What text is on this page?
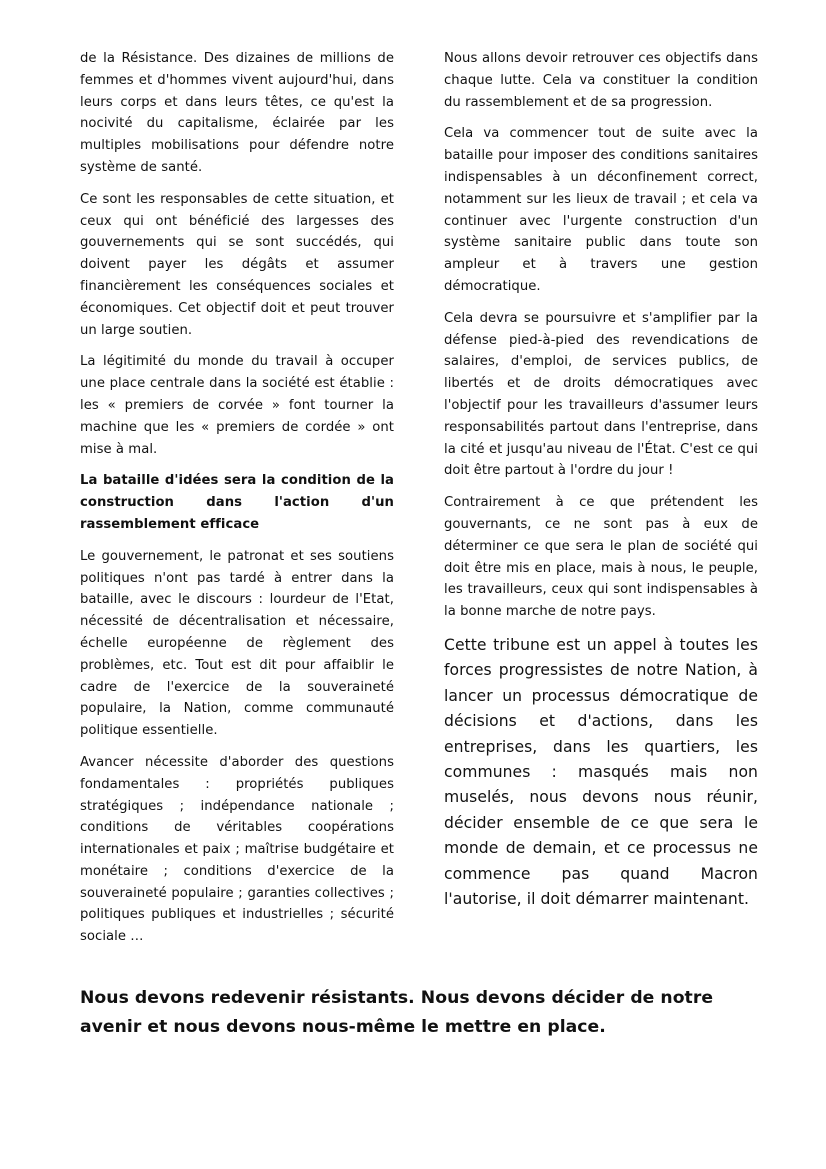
de la Résistance. Des dizaines de millions de femmes et d'hommes vivent aujourd'hui, dans leurs corps et dans leurs têtes, ce qu'est la nocivité du capitalisme, éclairée par les multiples mobilisations pour défendre notre système de santé.

Ce sont les responsables de cette situation, et ceux qui ont bénéficié des largesses des gouvernements qui se sont succédés, qui doivent payer les dégâts et assumer financièrement les conséquences sociales et économiques. Cet objectif doit et peut trouver un large soutien.

La légitimité du monde du travail à occuper une place centrale dans la société est établie : les « premiers de corvée » font tourner la machine que les « premiers de cordée » ont mise à mal.

La bataille d'idées sera la condition de la construction dans l'action d'un rassemblement efficace

Le gouvernement, le patronat et ses soutiens politiques n'ont pas tardé à entrer dans la bataille, avec le discours : lourdeur de l'Etat, nécessité de décentralisation et nécessaire, échelle européenne de règlement des problèmes, etc. Tout est dit pour affaiblir le cadre de l'exercice de la souveraineté populaire, la Nation, comme communauté politique essentielle.

Avancer nécessite d'aborder des questions fondamentales : propriétés publiques stratégiques ; indépendance nationale ; conditions de véritables coopérations internationales et paix ; maîtrise budgétaire et monétaire ; conditions d'exercice de la souveraineté populaire ; garanties collectives ; politiques publiques et industrielles ; sécurité sociale …

Nous allons devoir retrouver ces objectifs dans chaque lutte. Cela va constituer la condition du rassemblement et de sa progression.

Cela va commencer tout de suite avec la bataille pour imposer des conditions sanitaires indispensables à un déconfinement correct, notamment sur les lieux de travail ; et cela va continuer avec l'urgente construction d'un système sanitaire public dans toute son ampleur et à travers une gestion démocratique.

Cela devra se poursuivre et s'amplifier par la défense pied-à-pied des revendications de salaires, d'emploi, de services publics, de libertés et de droits démocratiques avec l'objectif pour les travailleurs d'assumer leurs responsabilités partout dans l'entreprise, dans la cité et jusqu'au niveau de l'État. C'est ce qui doit être partout à l'ordre du jour !

Contrairement à ce que prétendent les gouvernants, ce ne sont pas à eux de déterminer ce que sera le plan de société qui doit être mis en place, mais à nous, le peuple, les travailleurs, ceux qui sont indispensables à la bonne marche de notre pays.

Cette tribune est un appel à toutes les forces progressistes de notre Nation, à lancer un processus démocratique de décisions et d'actions, dans les entreprises, dans les quartiers, les communes : masqués mais non muselés, nous devons nous réunir, décider ensemble de ce que sera le monde de demain, et ce processus ne commence pas quand Macron l'autorise, il doit démarrer maintenant.

Nous devons redevenir résistants. Nous devons décider de notre avenir et nous devons nous-même le mettre en place.
